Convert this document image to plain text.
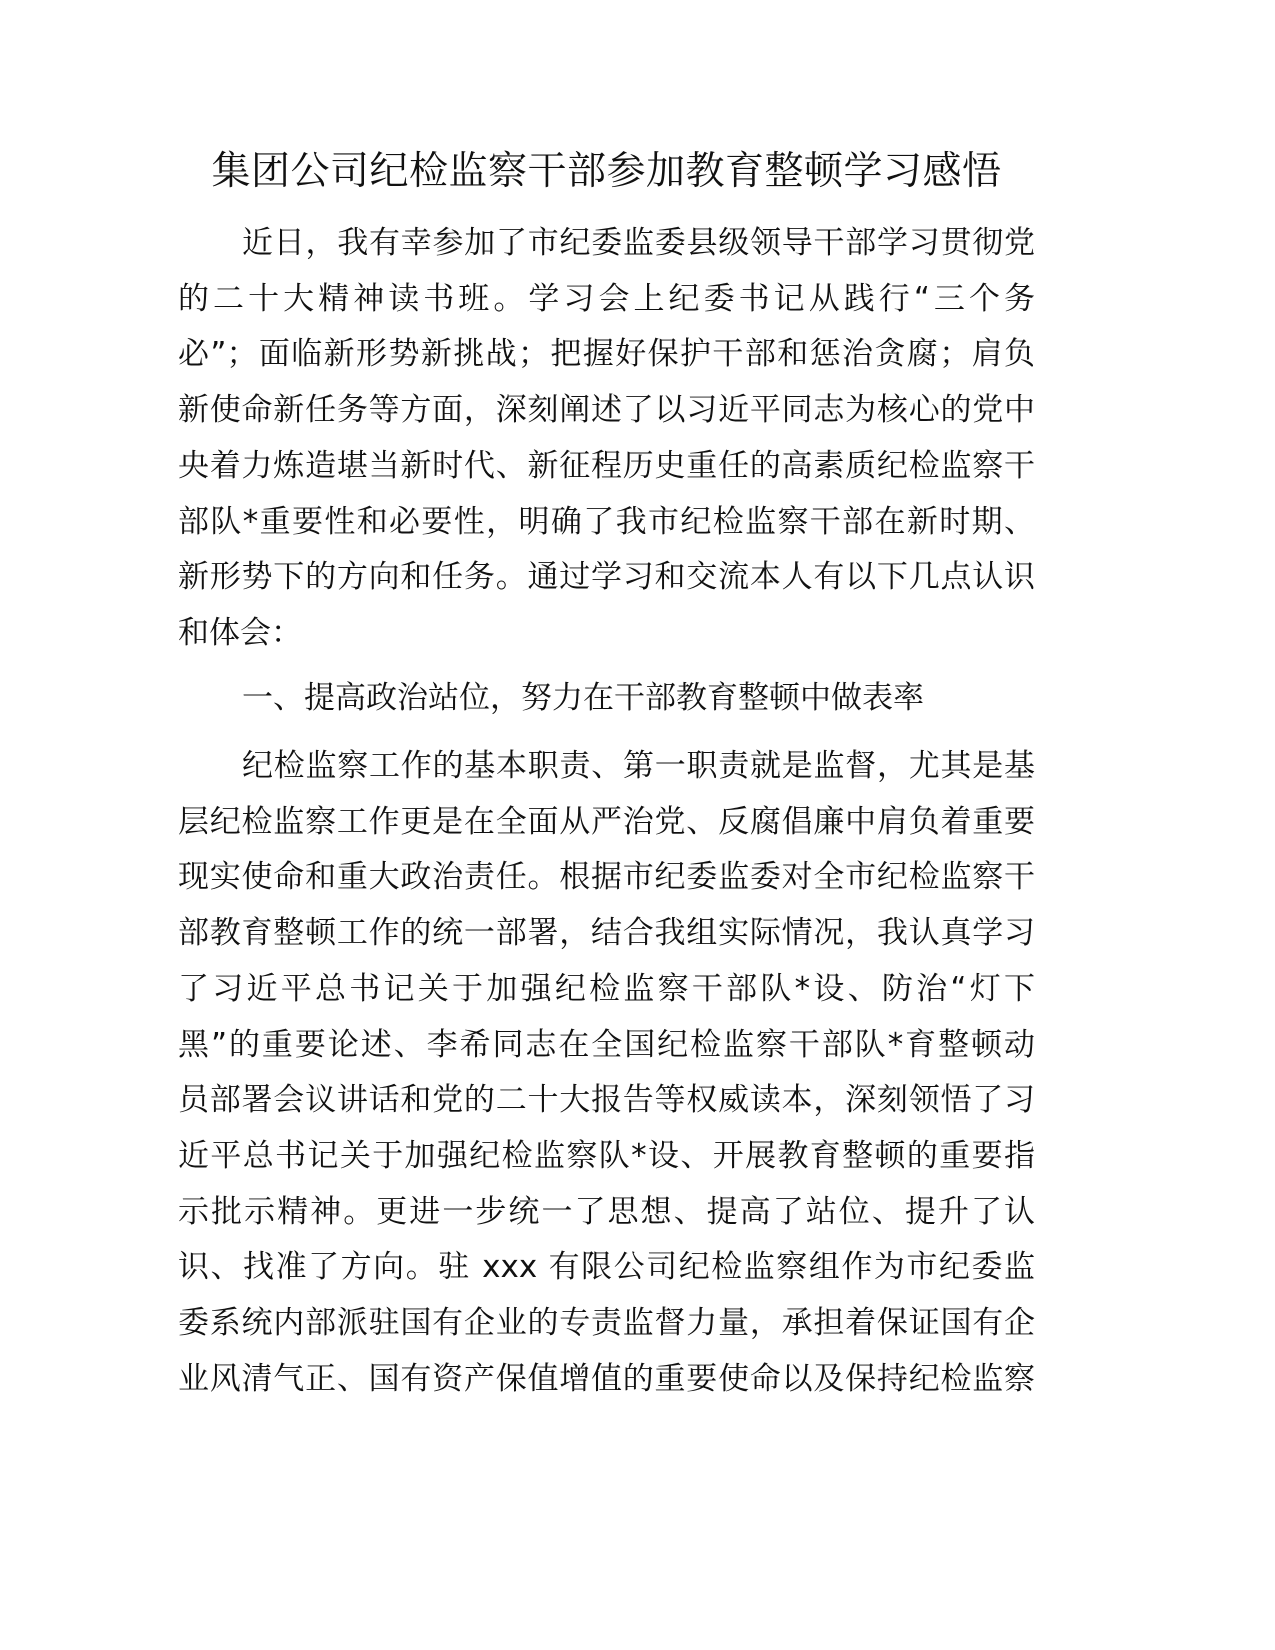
集团公司纪检监察干部参加教育整顿学习感悟
近日，我有幸参加了市纪委监委县级领导干部学习贯彻党
的二十大精神读书班。学习会上纪委书记从践行“三个务
必”；面临新形势新挑战；把握好保护干部和惩治贪腐；肩负
新使命新任务等方面，深刻阐述了以习近平同志为核心的党中
央着力炼造堪当新时代、新征程历史重任的高素质纪检监察干
部队*重要性和必要性，明确了我市纪检监察干部在新时期、
新形势下的方向和任务。通过学习和交流本人有以下几点认识
和体会：
一、提高政治站位，努力在干部教育整顿中做表率
纪检监察工作的基本职责、第一职责就是监督，尤其是基
层纪检监察工作更是在全面从严治党、反腐倡廉中肩负着重要
现实使命和重大政治责任。根据市纪委监委对全市纪检监察干
部教育整顿工作的统一部署，结合我组实际情况，我认真学习
了习近平总书记关于加强纪检监察干部队*设、防治“灯下
黑”的重要论述、李希同志在全国纪检监察干部队*育整顿动
员部署会议讲话和党的二十大报告等权威读本，深刻领悟了习
近平总书记关于加强纪检监察队*设、开展教育整顿的重要指
示批示精神。更进一步统一了思想、提高了站位、提升了认
识、找准了方向。驻 xxx 有限公司纪检监察组作为市纪委监
委系统内部派驻国有企业的专责监督力量，承担着保证国有企
业风清气正、国有资产保值增值的重要使命以及保持纪检监察
